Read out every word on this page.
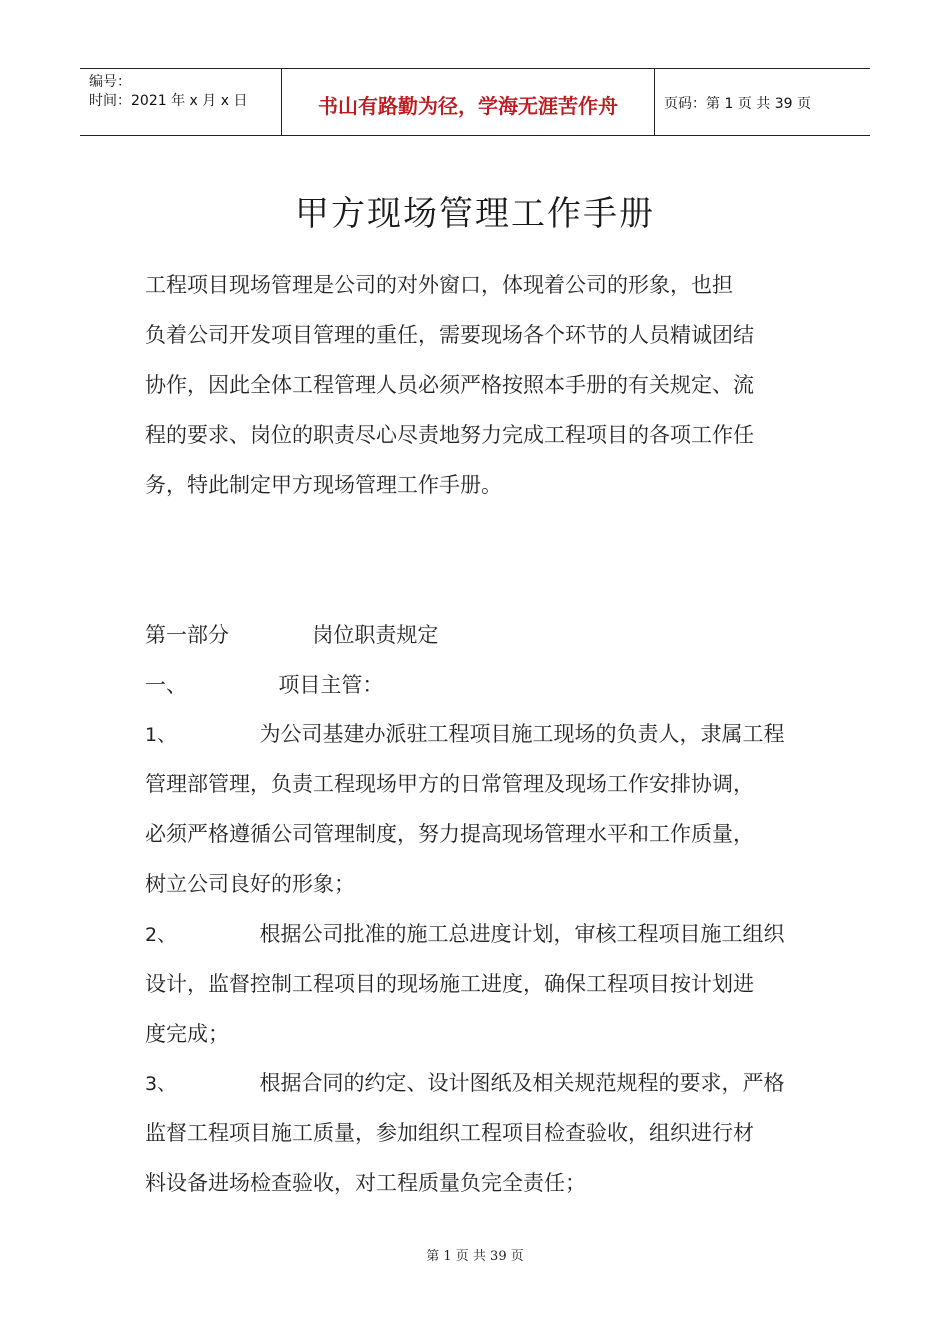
编号：
时间：2021 年 x 月 x 日	书山有路勤为径，学海无涯苦作舟	页码：第 1 页 共 39 页
甲方现场管理工作手册
工程项目现场管理是公司的对外窗口，体现着公司的形象，也担
负着公司开发项目管理的重任，需要现场各个环节的人员精诚团结
协作，因此全体工程管理人员必须严格按照本手册的有关规定、流
程的要求、岗位的职责尽心尽责地努力完成工程项目的各项工作任
务，特此制定甲方现场管理工作手册。
第一部分	岗位职责规定
一、	项目主管：
1、	为公司基建办派驻工程项目施工现场的负责人，隶属工程
管理部管理，负责工程现场甲方的日常管理及现场工作安排协调，
必须严格遵循公司管理制度，努力提高现场管理水平和工作质量，
树立公司良好的形象；
2、	根据公司批准的施工总进度计划，审核工程项目施工组织
设计，监督控制工程项目的现场施工进度，确保工程项目按计划进
度完成；
3、	根据合同的约定、设计图纸及相关规范规程的要求，严格
监督工程项目施工质量，参加组织工程项目检查验收，组织进行材
料设备进场检查验收，对工程质量负完全责任；
第 1 页 共 39 页
